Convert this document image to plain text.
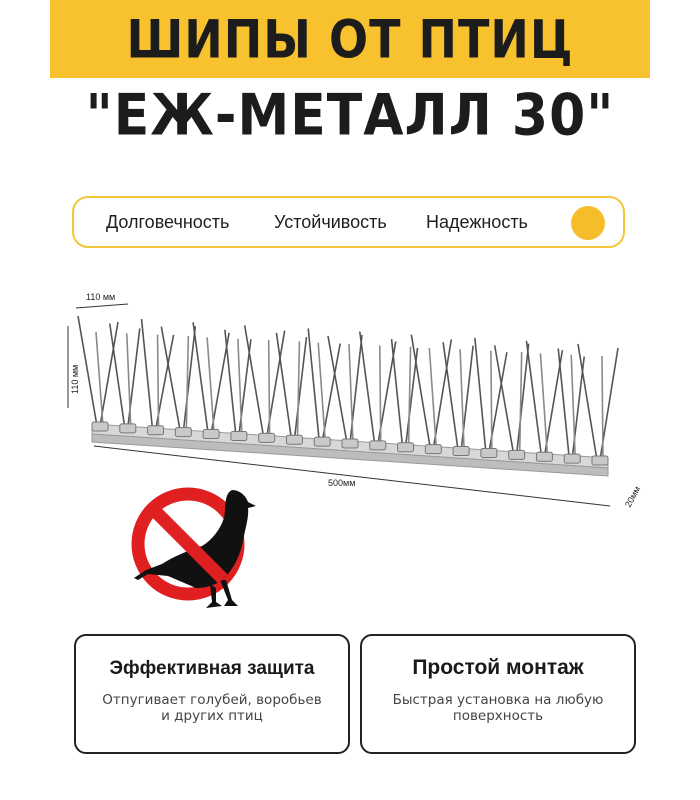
ШИПЫ ОТ ПТИЦ
"ЕЖ-МЕТАЛЛ 30"
Долговечность Устойчивость Надежность
110 мм
110 мм
500мм
20мм
Эффективная защита
Отпугивает голубей, воробьев
и других птиц
Простой монтаж
Быстрая установка на любую
поверхность
